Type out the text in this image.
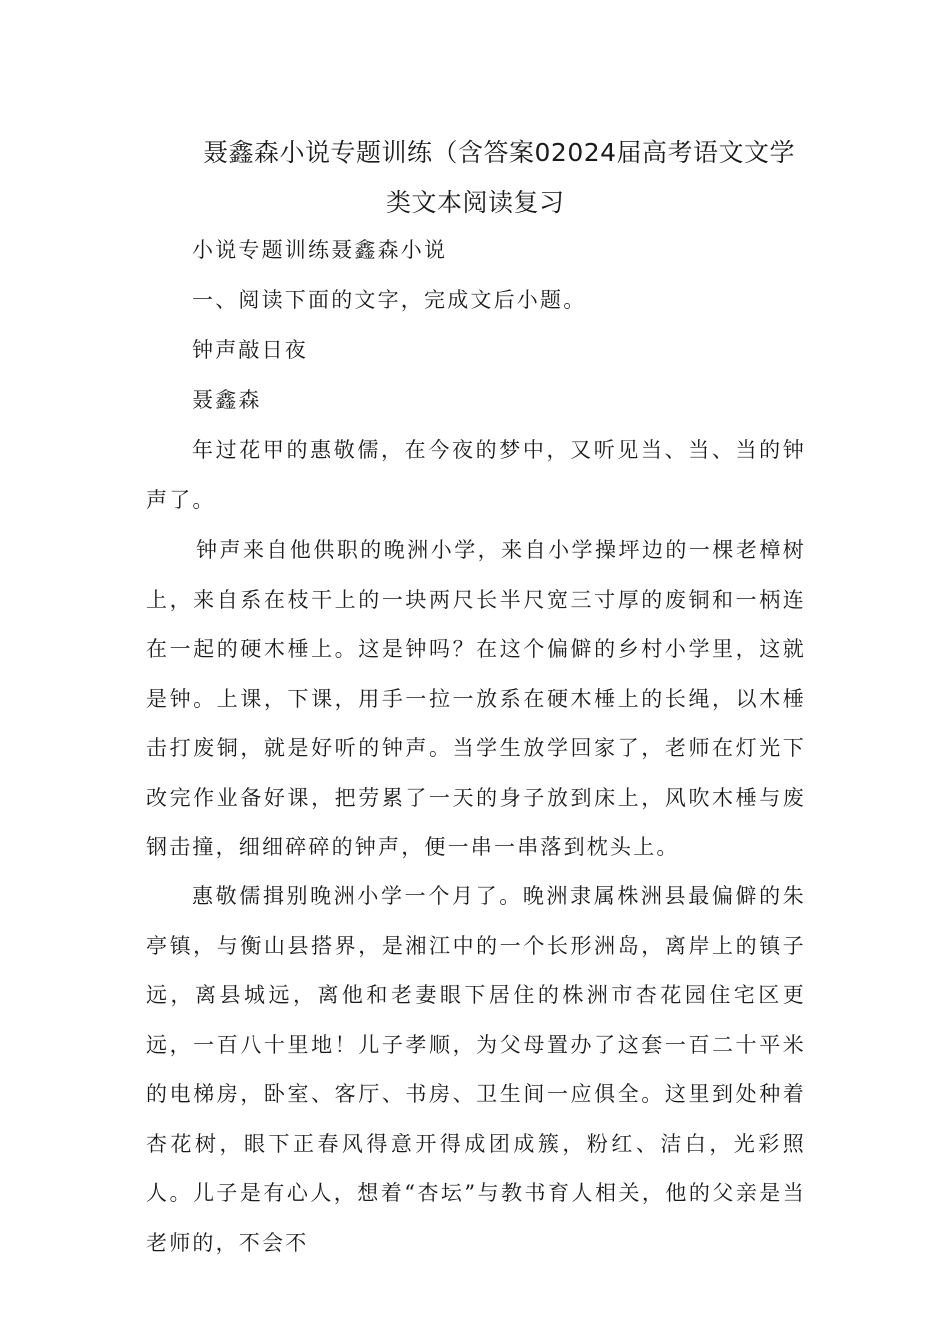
聂鑫森小说专题训练（含答案02024届高考语文文学
类文本阅读复习

小说专题训练聂鑫森小说

一、阅读下面的文字，完成文后小题。

钟声敲日夜

聂鑫森

年过花甲的惠敬儒，在今夜的梦中，又听见当、当、当的钟声了。

钟声来自他供职的晚洲小学，来自小学操坪边的一棵老樟树上，来自系在枝干上的一块两尺长半尺宽三寸厚的废铜和一柄连在一起的硬木棰上。这是钟吗？在这个偏僻的乡村小学里，这就是钟。上课，下课，用手一拉一放系在硬木棰上的长绳，以木棰击打废铜，就是好听的钟声。当学生放学回家了，老师在灯光下改完作业备好课，把劳累了一天的身子放到床上，风吹木棰与废钢击撞，细细碎碎的钟声，便一串一串落到枕头上。

惠敬儒揖别晚洲小学一个月了。晚洲隶属株洲县最偏僻的朱亭镇，与衡山县搭界，是湘江中的一个长形洲岛，离岸上的镇子远，离县城远，离他和老妻眼下居住的株洲市杏花园住宅区更远，一百八十里地！儿子孝顺，为父母置办了这套一百二十平米的电梯房，卧室、客厅、书房、卫生间一应俱全。这里到处种着杏花树，眼下正春风得意开得成团成簇，粉红、洁白，光彩照人。儿子是有心人，想着“杏坛”与教书育人相关，他的父亲是当老师的，不会不
